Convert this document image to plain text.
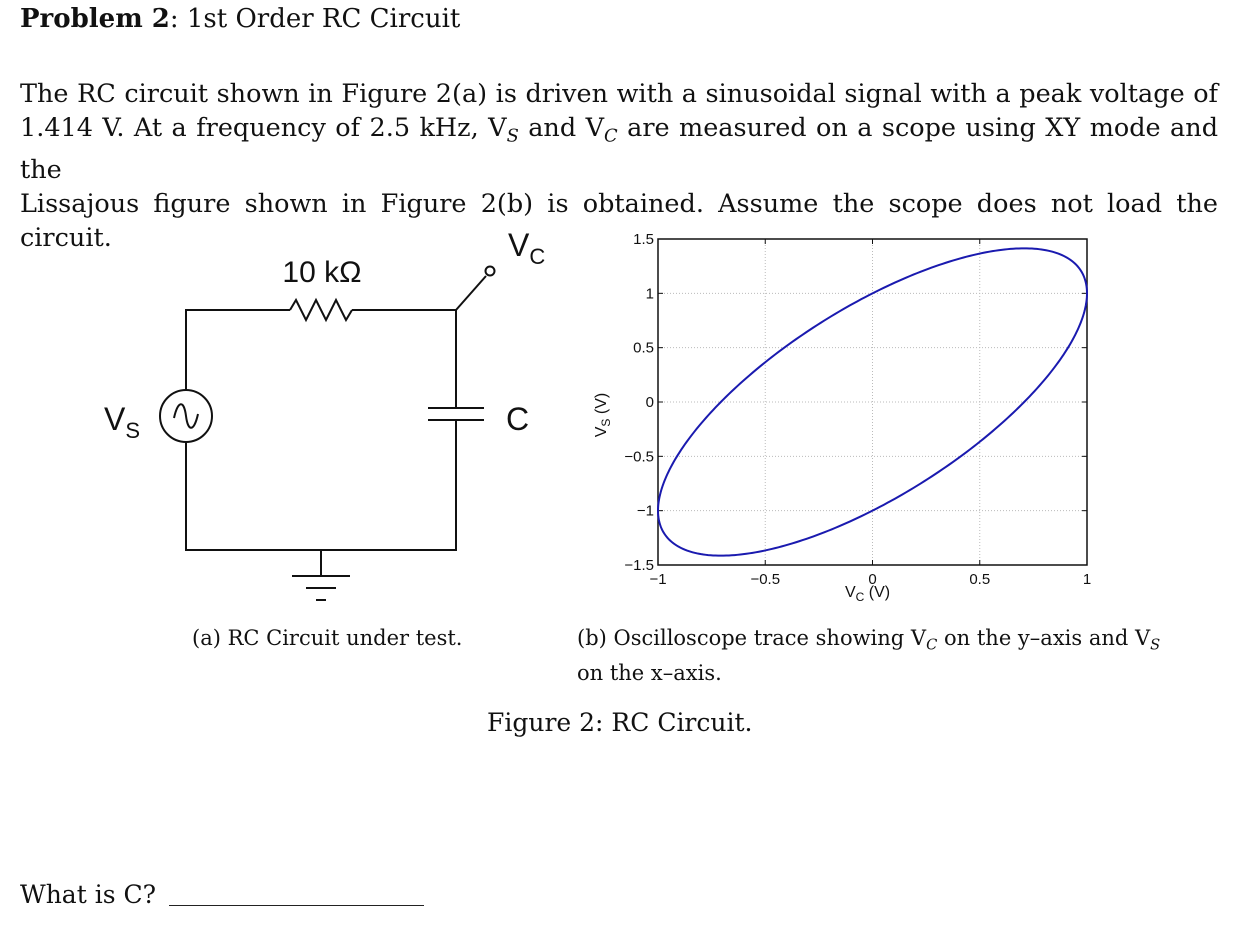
Problem 2: 1st Order RC Circuit
The RC circuit shown in Figure 2(a) is driven with a sinusoidal signal with a peak voltage of
1.414 V. At a frequency of 2.5 kHz, $V_S$ and $V_C$ are measured on a scope using XY mode and the
Lissajous figure shown in Figure 2(b) is obtained. Assume the scope does not load the circuit.
10 kΩ
$V_S$
$V_C$
C
−1	−0.5	0	0.5	1
1.5
1
0.5
0
−0.5
−1
−1.5
$V_C$ (V)
$V_S$ (V)
(a) RC Circuit under test.	(b) Oscilloscope trace showing $V_C$ on the y–axis and $V_S$
on the x–axis.
Figure 2: RC Circuit.
What is C?
